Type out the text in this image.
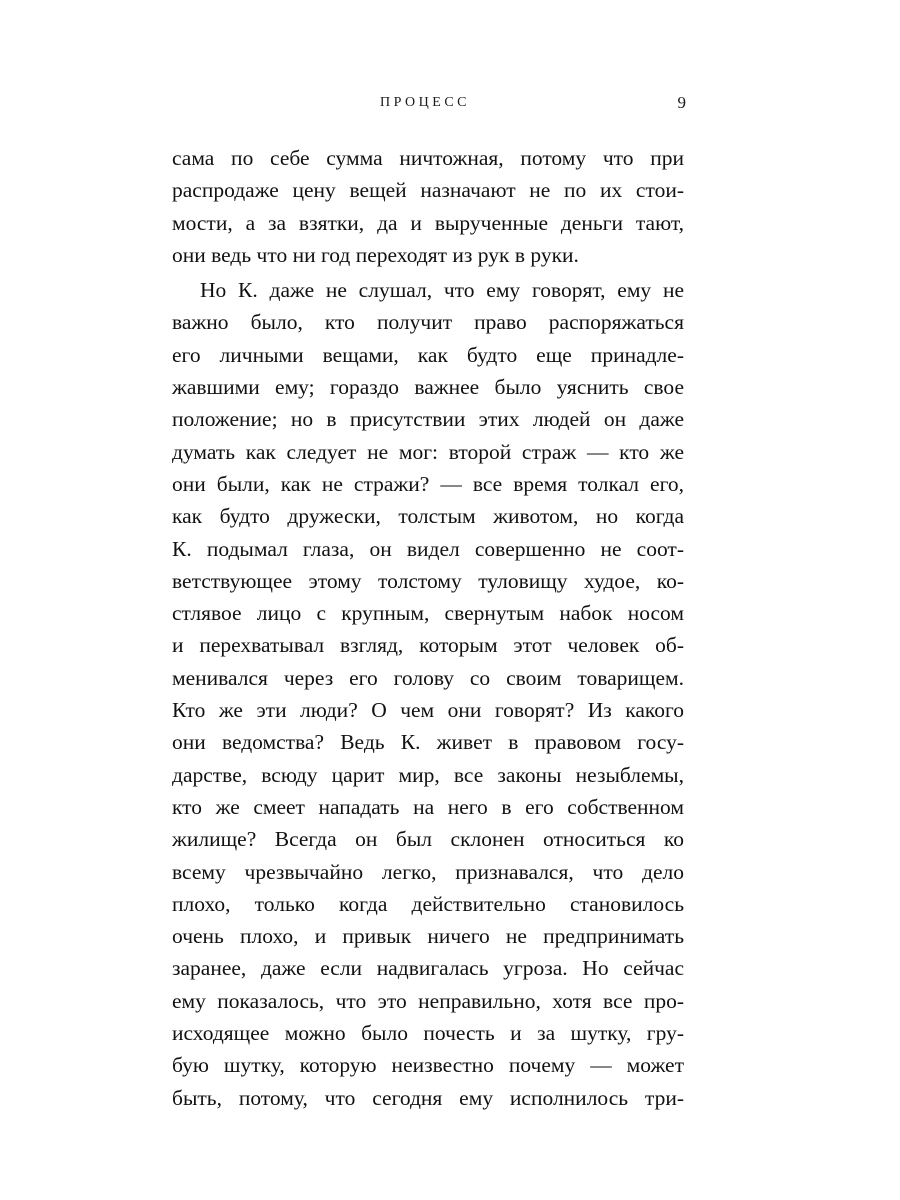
ПРОЦЕСС	9
сама по себе сумма ничтожная, потому что при
распродаже цену вещей назначают не по их стои-
мости, а за взятки, да и вырученные деньги тают,
они ведь что ни год переходят из рук в руки.
Но К. даже не слушал, что ему говорят, ему не
важно было, кто получит право распоряжаться
его личными вещами, как будто еще принадле-
жавшими ему; гораздо важнее было уяснить свое
положение; но в присутствии этих людей он даже
думать как следует не мог: второй страж — кто же
они были, как не стражи? — все время толкал его,
как будто дружески, толстым животом, но когда
К. подымал глаза, он видел совершенно не соот-
ветствующее этому толстому туловищу худое, ко-
стлявое лицо с крупным, свернутым набок носом
и перехватывал взгляд, которым этот человек об-
менивался через его голову со своим товарищем.
Кто же эти люди? О чем они говорят? Из какого
они ведомства? Ведь К. живет в правовом госу-
дарстве, всюду царит мир, все законы незыблемы,
кто же смеет нападать на него в его собственном
жилище? Всегда он был склонен относиться ко
всему чрезвычайно легко, признавался, что дело
плохо, только когда действительно становилось
очень плохо, и привык ничего не предпринимать
заранее, даже если надвигалась угроза. Но сейчас
ему показалось, что это неправильно, хотя все про-
исходящее можно было почесть и за шутку, гру-
бую шутку, которую неизвестно почему — может
быть, потому, что сегодня ему исполнилось три-
